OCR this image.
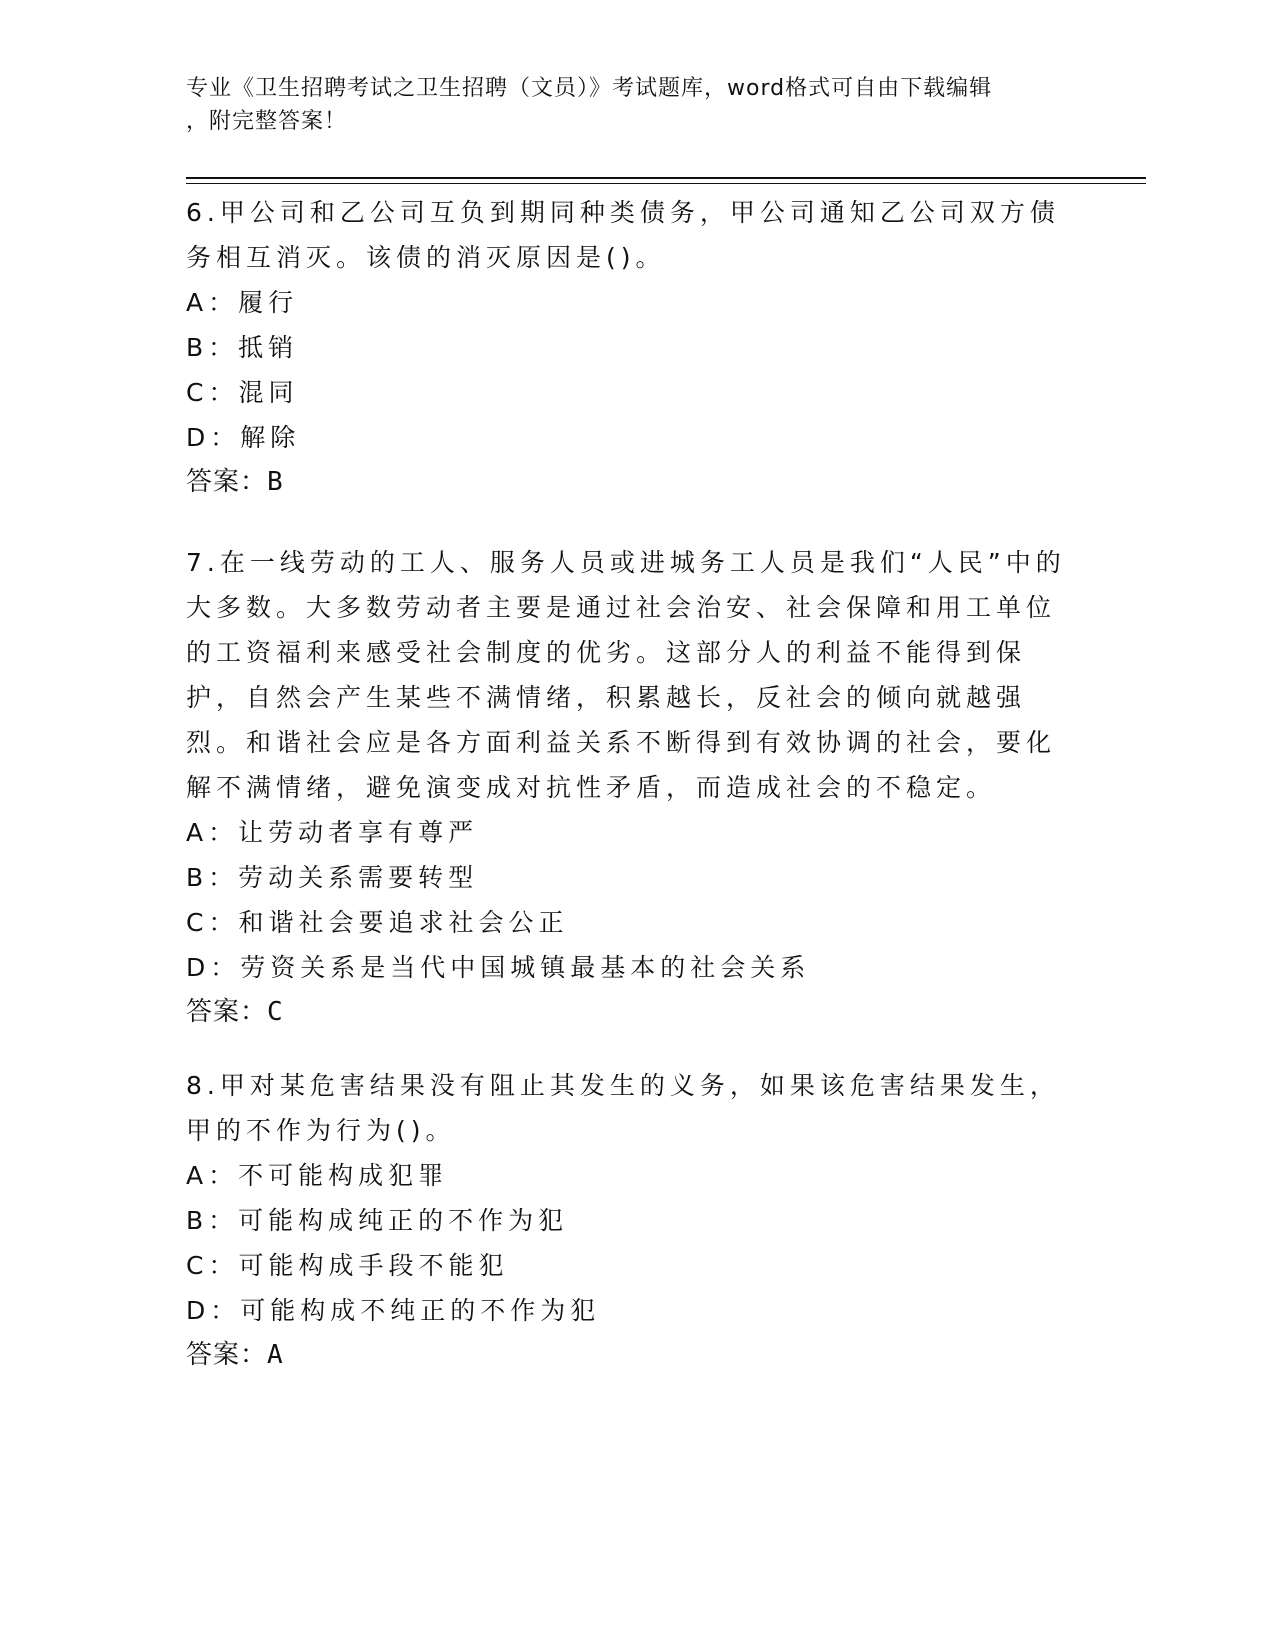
专业《卫生招聘考试之卫生招聘（文员）》考试题库，word格式可自由下载编辑
，附完整答案！

6.甲公司和乙公司互负到期同种类债务，甲公司通知乙公司双方债务相互消灭。该债的消灭原因是()。

A：履行

B：抵销

C：混同

D：解除

答案：B

7.在一线劳动的工人、服务人员或进城务工人员是我们“人民”中的大多数。大多数劳动者主要是通过社会治安、社会保障和用工单位的工资福利来感受社会制度的优劣。这部分人的利益不能得到保护，自然会产生某些不满情绪，积累越长，反社会的倾向就越强烈。和谐社会应是各方面利益关系不断得到有效协调的社会，要化解不满情绪，避免演变成对抗性矛盾，而造成社会的不稳定。

A：让劳动者享有尊严

B：劳动关系需要转型

C：和谐社会要追求社会公正

D：劳资关系是当代中国城镇最基本的社会关系

答案：C

8.甲对某危害结果没有阻止其发生的义务，如果该危害结果发生，甲的不作为行为()。

A：不可能构成犯罪

B：可能构成纯正的不作为犯

C：可能构成手段不能犯

D：可能构成不纯正的不作为犯

答案：A
